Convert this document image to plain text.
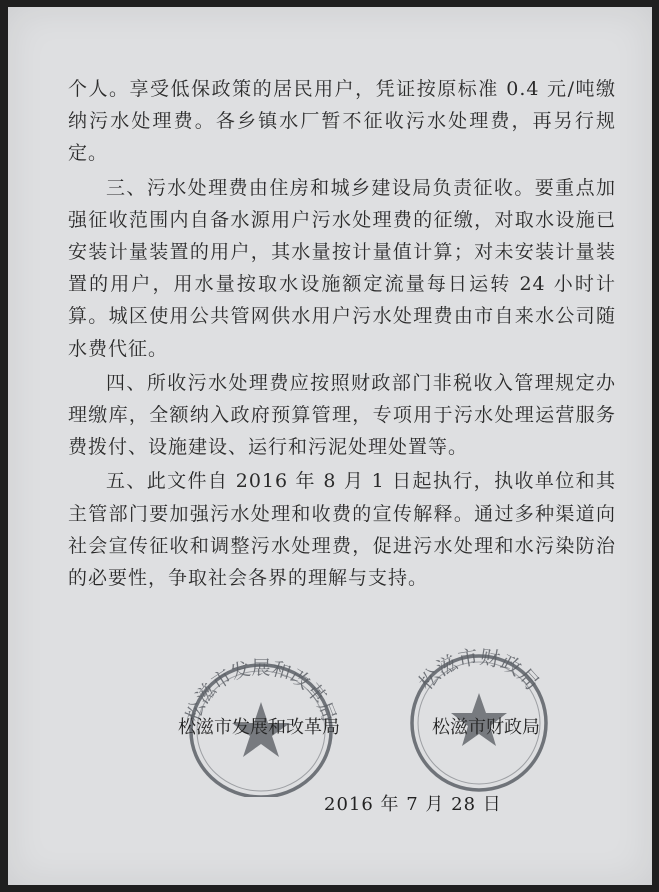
个人。享受低保政策的居民用户，凭证按原标准 0.4 元/吨缴纳污水处理费。各乡镇水厂暂不征收污水处理费，再另行规定。

三、污水处理费由住房和城乡建设局负责征收。要重点加强征收范围内自备水源用户污水处理费的征缴，对取水设施已安装计量装置的用户，其水量按计量值计算；对未安装计量装置的用户，用水量按取水设施额定流量每日运转 24 小时计算。城区使用公共管网供水用户污水处理费由市自来水公司随水费代征。

四、所收污水处理费应按照财政部门非税收入管理规定办理缴库，全额纳入政府预算管理，专项用于污水处理运营服务费拨付、设施建设、运行和污泥处理处置等。

五、此文件自 2016 年 8 月 1 日起执行，执收单位和其主管部门要加强污水处理和收费的宣传解释。通过多种渠道向社会宣传征收和调整污水处理费，促进污水处理和水污染防治的必要性，争取社会各界的理解与支持。

松滋市发展和改革局
松滋市财政局
松滋市发展和改革局	松滋市财政局
2016 年 7 月 28 日
